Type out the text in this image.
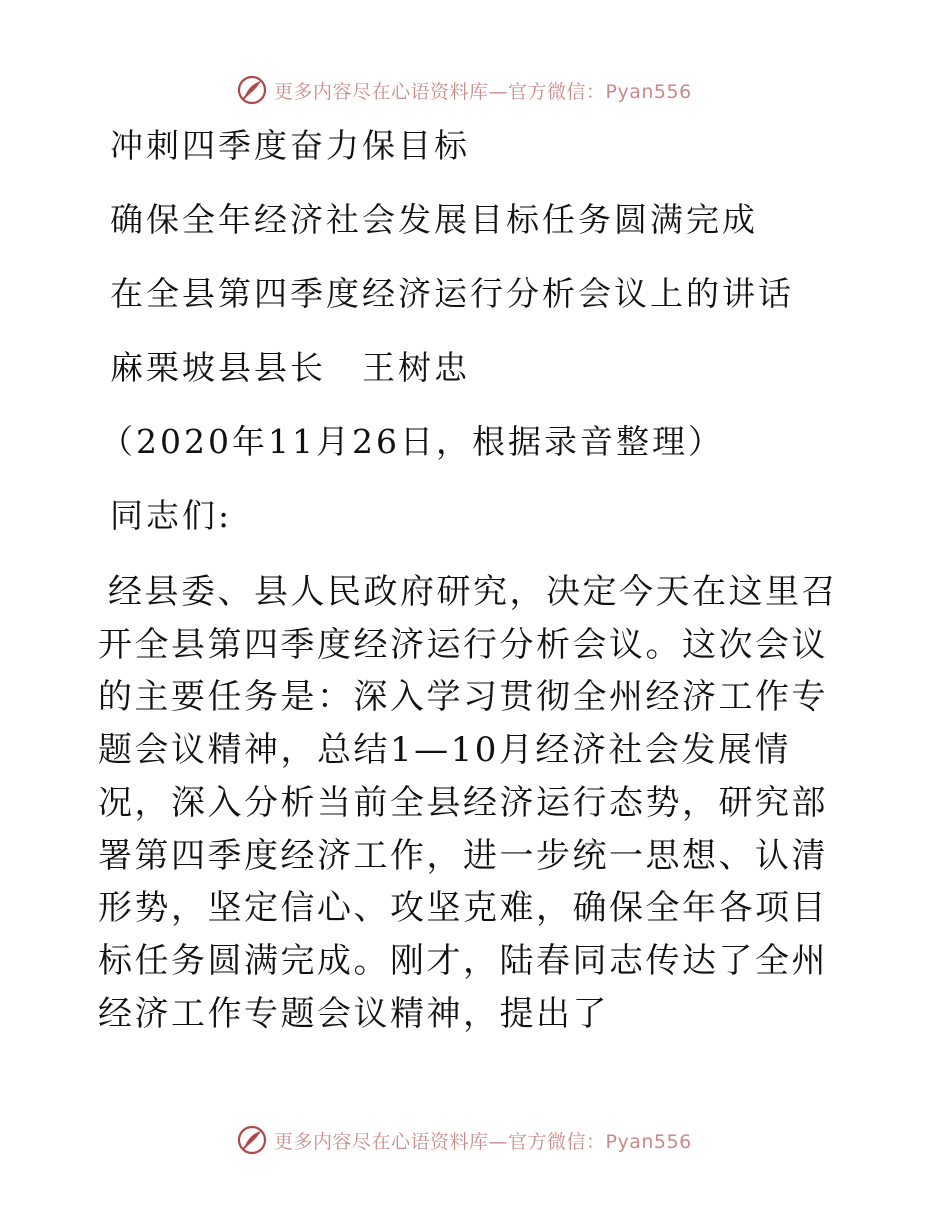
更多内容尽在心语资料库—官方微信：Pyan556
冲刺四季度奋力保目标
确保全年经济社会发展目标任务圆满完成
在全县第四季度经济运行分析会议上的讲话
麻栗坡县县长　王树忠
（2020年11月26日，根据录音整理）
同志们:
经县委、县人民政府研究，决定今天在这里召开全县第四季度经济运行分析会议。这次会议的主要任务是：深入学习贯彻全州经济工作专题会议精神，总结1—10月经济社会发展情况，深入分析当前全县经济运行态势，研究部署第四季度经济工作，进一步统一思想、认清形势，坚定信心、攻坚克难，确保全年各项目标任务圆满完成。刚才，陆春同志传达了全州经济工作专题会议精神，提出了
更多内容尽在心语资料库—官方微信：Pyan556
